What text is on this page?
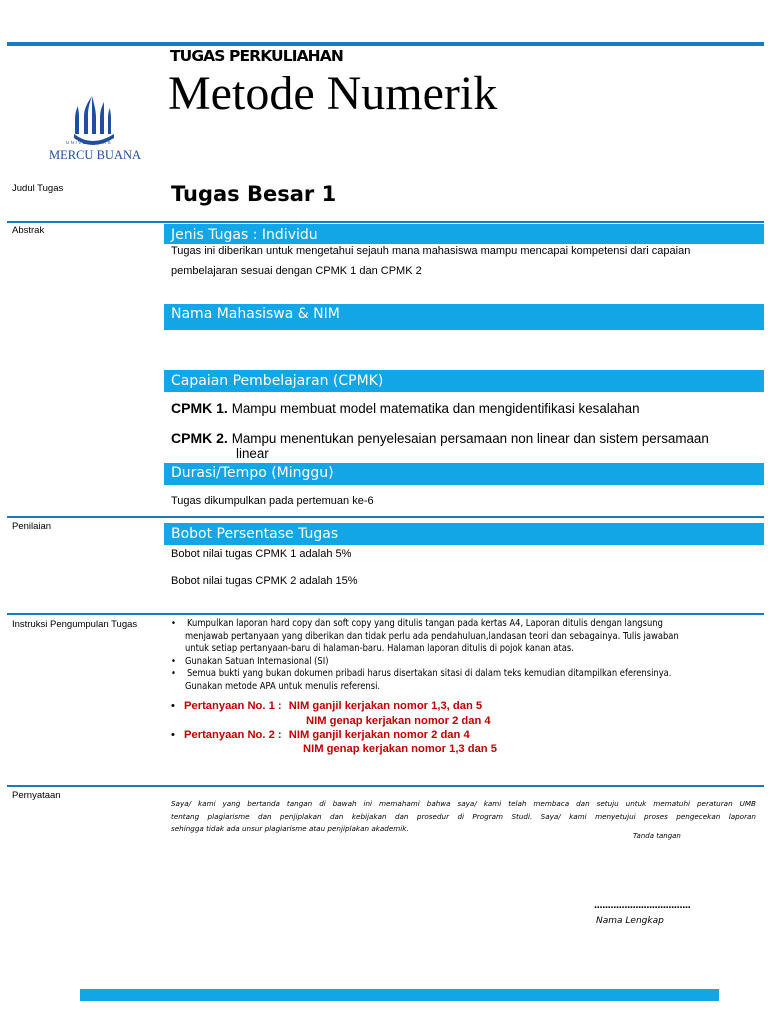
UNIVERSITAS
MERCU BUANA
TUGAS PERKULIAHAN
Metode Numerik
Judul Tugas	Tugas Besar 1
Abstrak	Jenis Tugas : Individu
Tugas ini diberikan untuk mengetahui sejauh mana mahasiswa mampu mencapai kompetensi dari capaian
pembelajaran sesuai dengan CPMK 1 dan CPMK 2
Nama Mahasiswa & NIM
Capaian Pembelajaran (CPMK)
CPMK 1. Mampu membuat model matematika dan mengidentifikasi kesalahan
CPMK 2. Mampu menentukan penyelesaian persamaan non linear dan sistem persamaan
linear
Durasi/Tempo (Minggu)
Tugas dikumpulkan pada pertemuan ke-6
Penilaian	Bobot Persentase Tugas
Bobot nilai tugas CPMK 1 adalah 5%
Bobot nilai tugas CPMK 2 adalah 15%
Instruksi Pengumpulan Tugas	• Kumpulkan laporan hard copy dan soft copy yang ditulis tangan pada kertas A4, Laporan ditulis dengan langsung
menjawab pertanyaan yang diberikan dan tidak perlu ada pendahuluan,landasan teori dan sebagainya. Tulis jawaban
untuk setiap pertanyaan-baru di halaman-baru. Halaman laporan ditulis di pojok kanan atas.
• Gunakan Satuan Internasional (SI)
• Semua bukti yang bukan dokumen pribadi harus disertakan sitasi di dalam teks kemudian ditampilkan eferensinya.
Gunakan metode APA untuk menulis referensi.
• Pertanyaan No. 1 : NIM ganjil kerjakan nomor 1,3, dan 5
NIM genap kerjakan nomor 2 dan 4
• Pertanyaan No. 2 : NIM ganjil kerjakan nomor 2 dan 4
NIM genap kerjakan nomor 1,3 dan 5
Pernyataan
Saya/ kami yang bertanda tangan di bawah ini memahami bahwa saya/ kami telah membaca dan setuju untuk mematuhi peraturan UMB
tentang plagiarisme dan penjiplakan dan kebijakan dan prosedur di Program Studi. Saya/ kami menyetujui proses pengecekan laporan
sehingga tidak ada unsur plagiarisme atau penjiplakan akademik.
Tanda tangan
...................................
Nama Lengkap
